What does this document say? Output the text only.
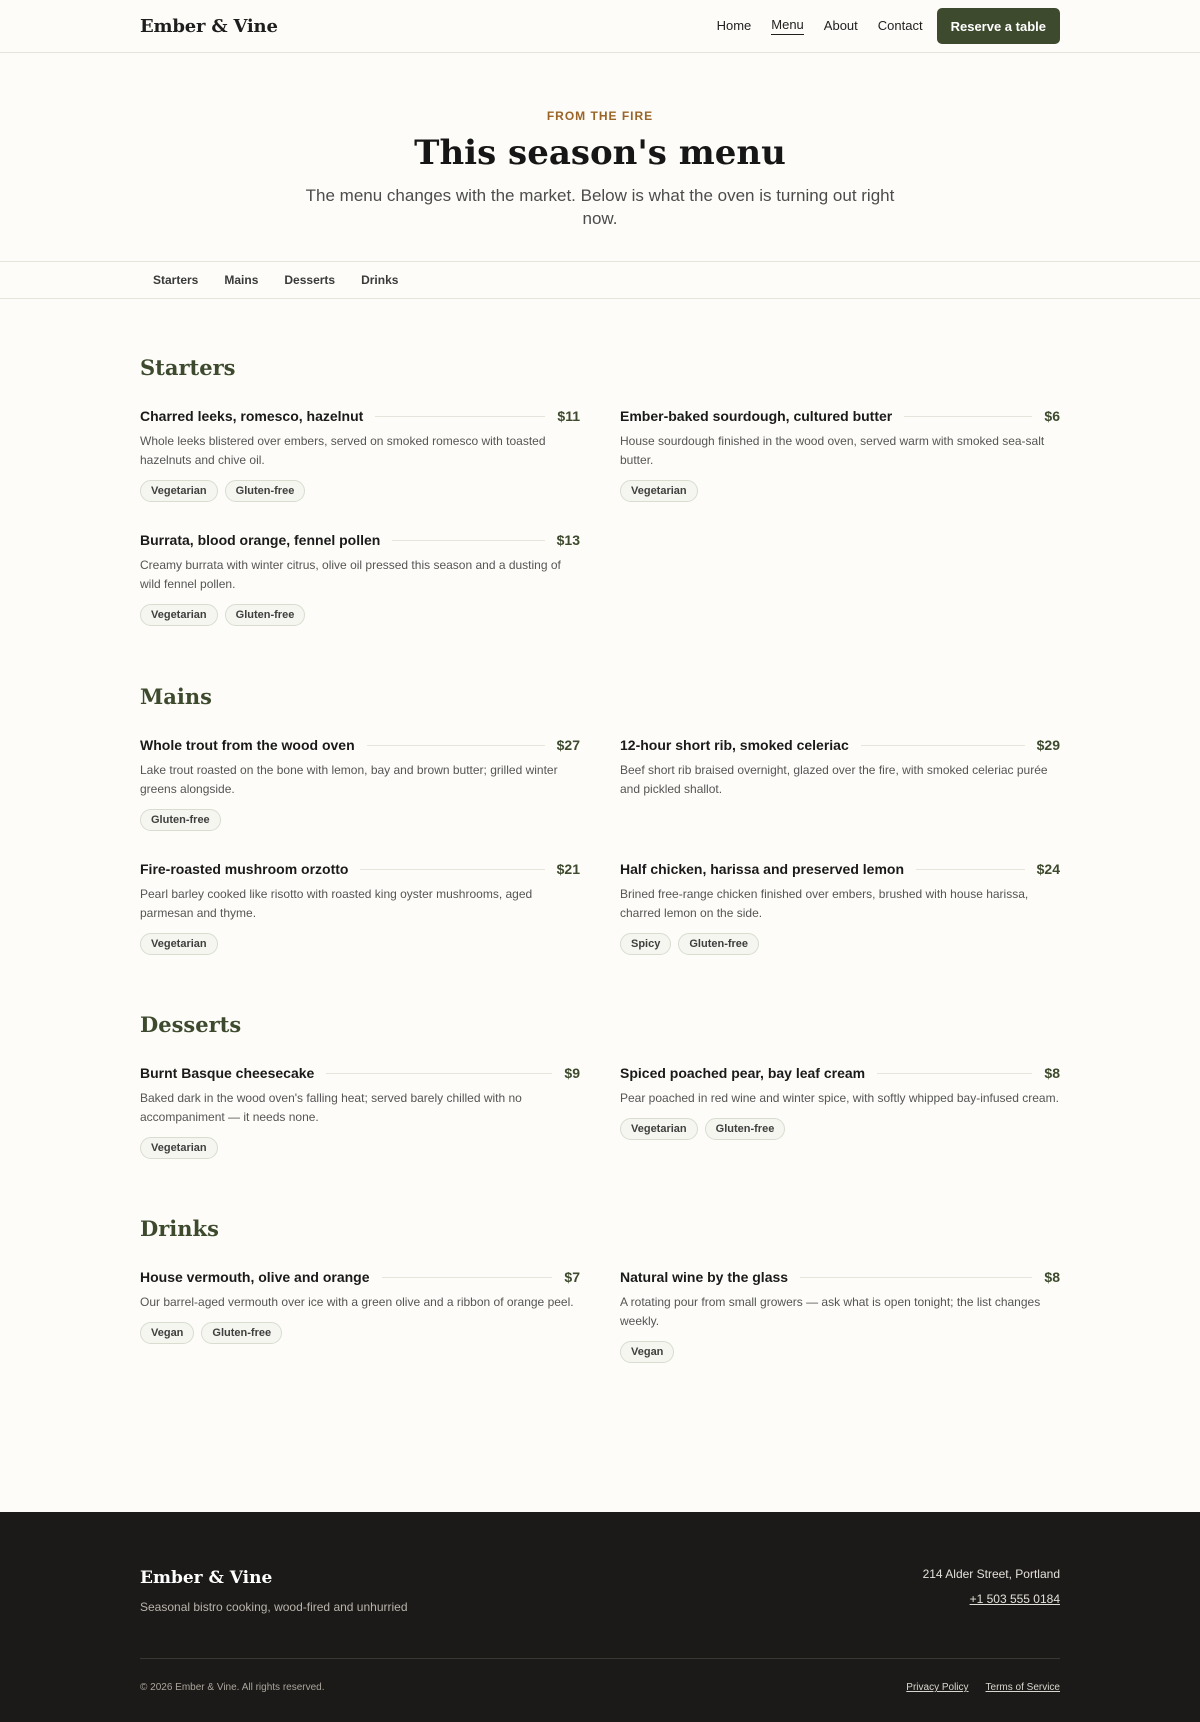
Ember & Vine	Home Menu About Contact	Reserve a table
FROM THE FIRE
This season's menu

The menu changes with the market. Below is what the oven is turning out right now.

Starters	Mains	Desserts	Drinks
Ember & Vine
Seasonal bistro cooking, wood-fired and unhurried
214 Alder Street, Portland
+1 503 555 0184
© 2026 Ember & Vine. All rights reserved.	Privacy Policy Terms of Service
Starters
Charred leeks, romesco, hazelnut	$11

Whole leeks blistered over embers, served on smoked romesco with toasted hazelnuts and chive oil.

Vegetarian	Gluten-free
Ember-baked sourdough, cultured butter	$6

House sourdough finished in the wood oven, served warm with smoked sea-salt butter.

Vegetarian
Burrata, blood orange, fennel pollen	$13

Creamy burrata with winter citrus, olive oil pressed this season and a dusting of wild fennel pollen.

Vegetarian	Gluten-free
Mains
Whole trout from the wood oven	$27

Lake trout roasted on the bone with lemon, bay and brown butter; grilled winter greens alongside.

Gluten-free
12-hour short rib, smoked celeriac	$29

Beef short rib braised overnight, glazed over the fire, with smoked celeriac purée and pickled shallot.

Fire-roasted mushroom orzotto	$21

Pearl barley cooked like risotto with roasted king oyster mushrooms, aged parmesan and thyme.

Vegetarian
Half chicken, harissa and preserved lemon	$24

Brined free-range chicken finished over embers, brushed with house harissa, charred lemon on the side.

Spicy	Gluten-free
Desserts
Burnt Basque cheesecake	$9

Baked dark in the wood oven's falling heat; served barely chilled with no accompaniment — it needs none.

Vegetarian
Spiced poached pear, bay leaf cream	$8

Pear poached in red wine and winter spice, with softly whipped bay-infused cream.

Vegetarian	Gluten-free
Drinks
House vermouth, olive and orange	$7

Our barrel-aged vermouth over ice with a green olive and a ribbon of orange peel.

Vegan	Gluten-free
Natural wine by the glass	$8

A rotating pour from small growers — ask what is open tonight; the list changes weekly.

Vegan
